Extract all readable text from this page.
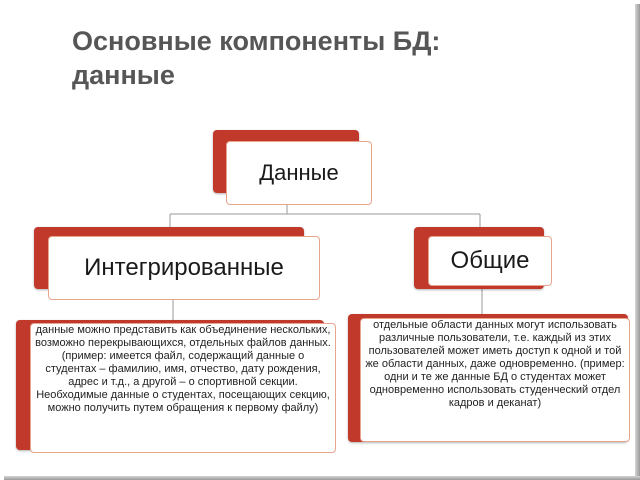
Основные компоненты БД:
данные
Данные
Интегрированные	Общие
данные можно представить как объединение нескольких, возможно перекрывающихся, отдельных файлов данных. (пример: имеется файл, содержащий данные о студентах – фамилию, имя, отчество, дату рождения, адрес и т.д., а другой – о спортивной секции. Необходимые данные о студентах, посещающих секцию, можно получить путем обращения к первому файлу)
отдельные области данных могут использовать различные пользователи, т.е. каждый из этих пользователей может иметь доступ к одной и той же области данных, даже одновременно. (пример: одни и те же данные БД о студентах может одновременно использовать студенческий отдел кадров и деканат)
